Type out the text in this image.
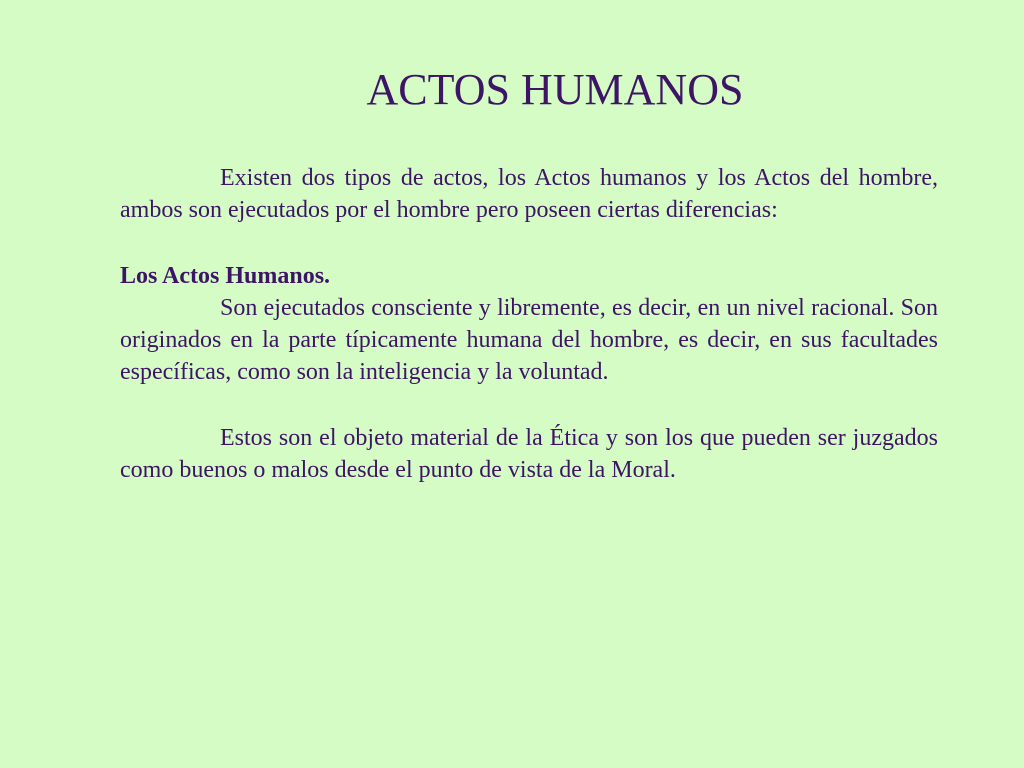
ACTOS HUMANOS

Existen dos tipos de actos, los Actos humanos y los Actos del hombre, ambos son ejecutados por el hombre pero poseen ciertas diferencias:

Los Actos Humanos.

Son ejecutados consciente y libremente, es decir, en un nivel racional. Son originados en la parte típicamente humana del hombre, es decir, en sus facultades específicas, como son la inteligencia y la voluntad.

Estos son el objeto material de la Ética y son los que pueden ser juzgados como buenos o malos desde el punto de vista de la Moral.
